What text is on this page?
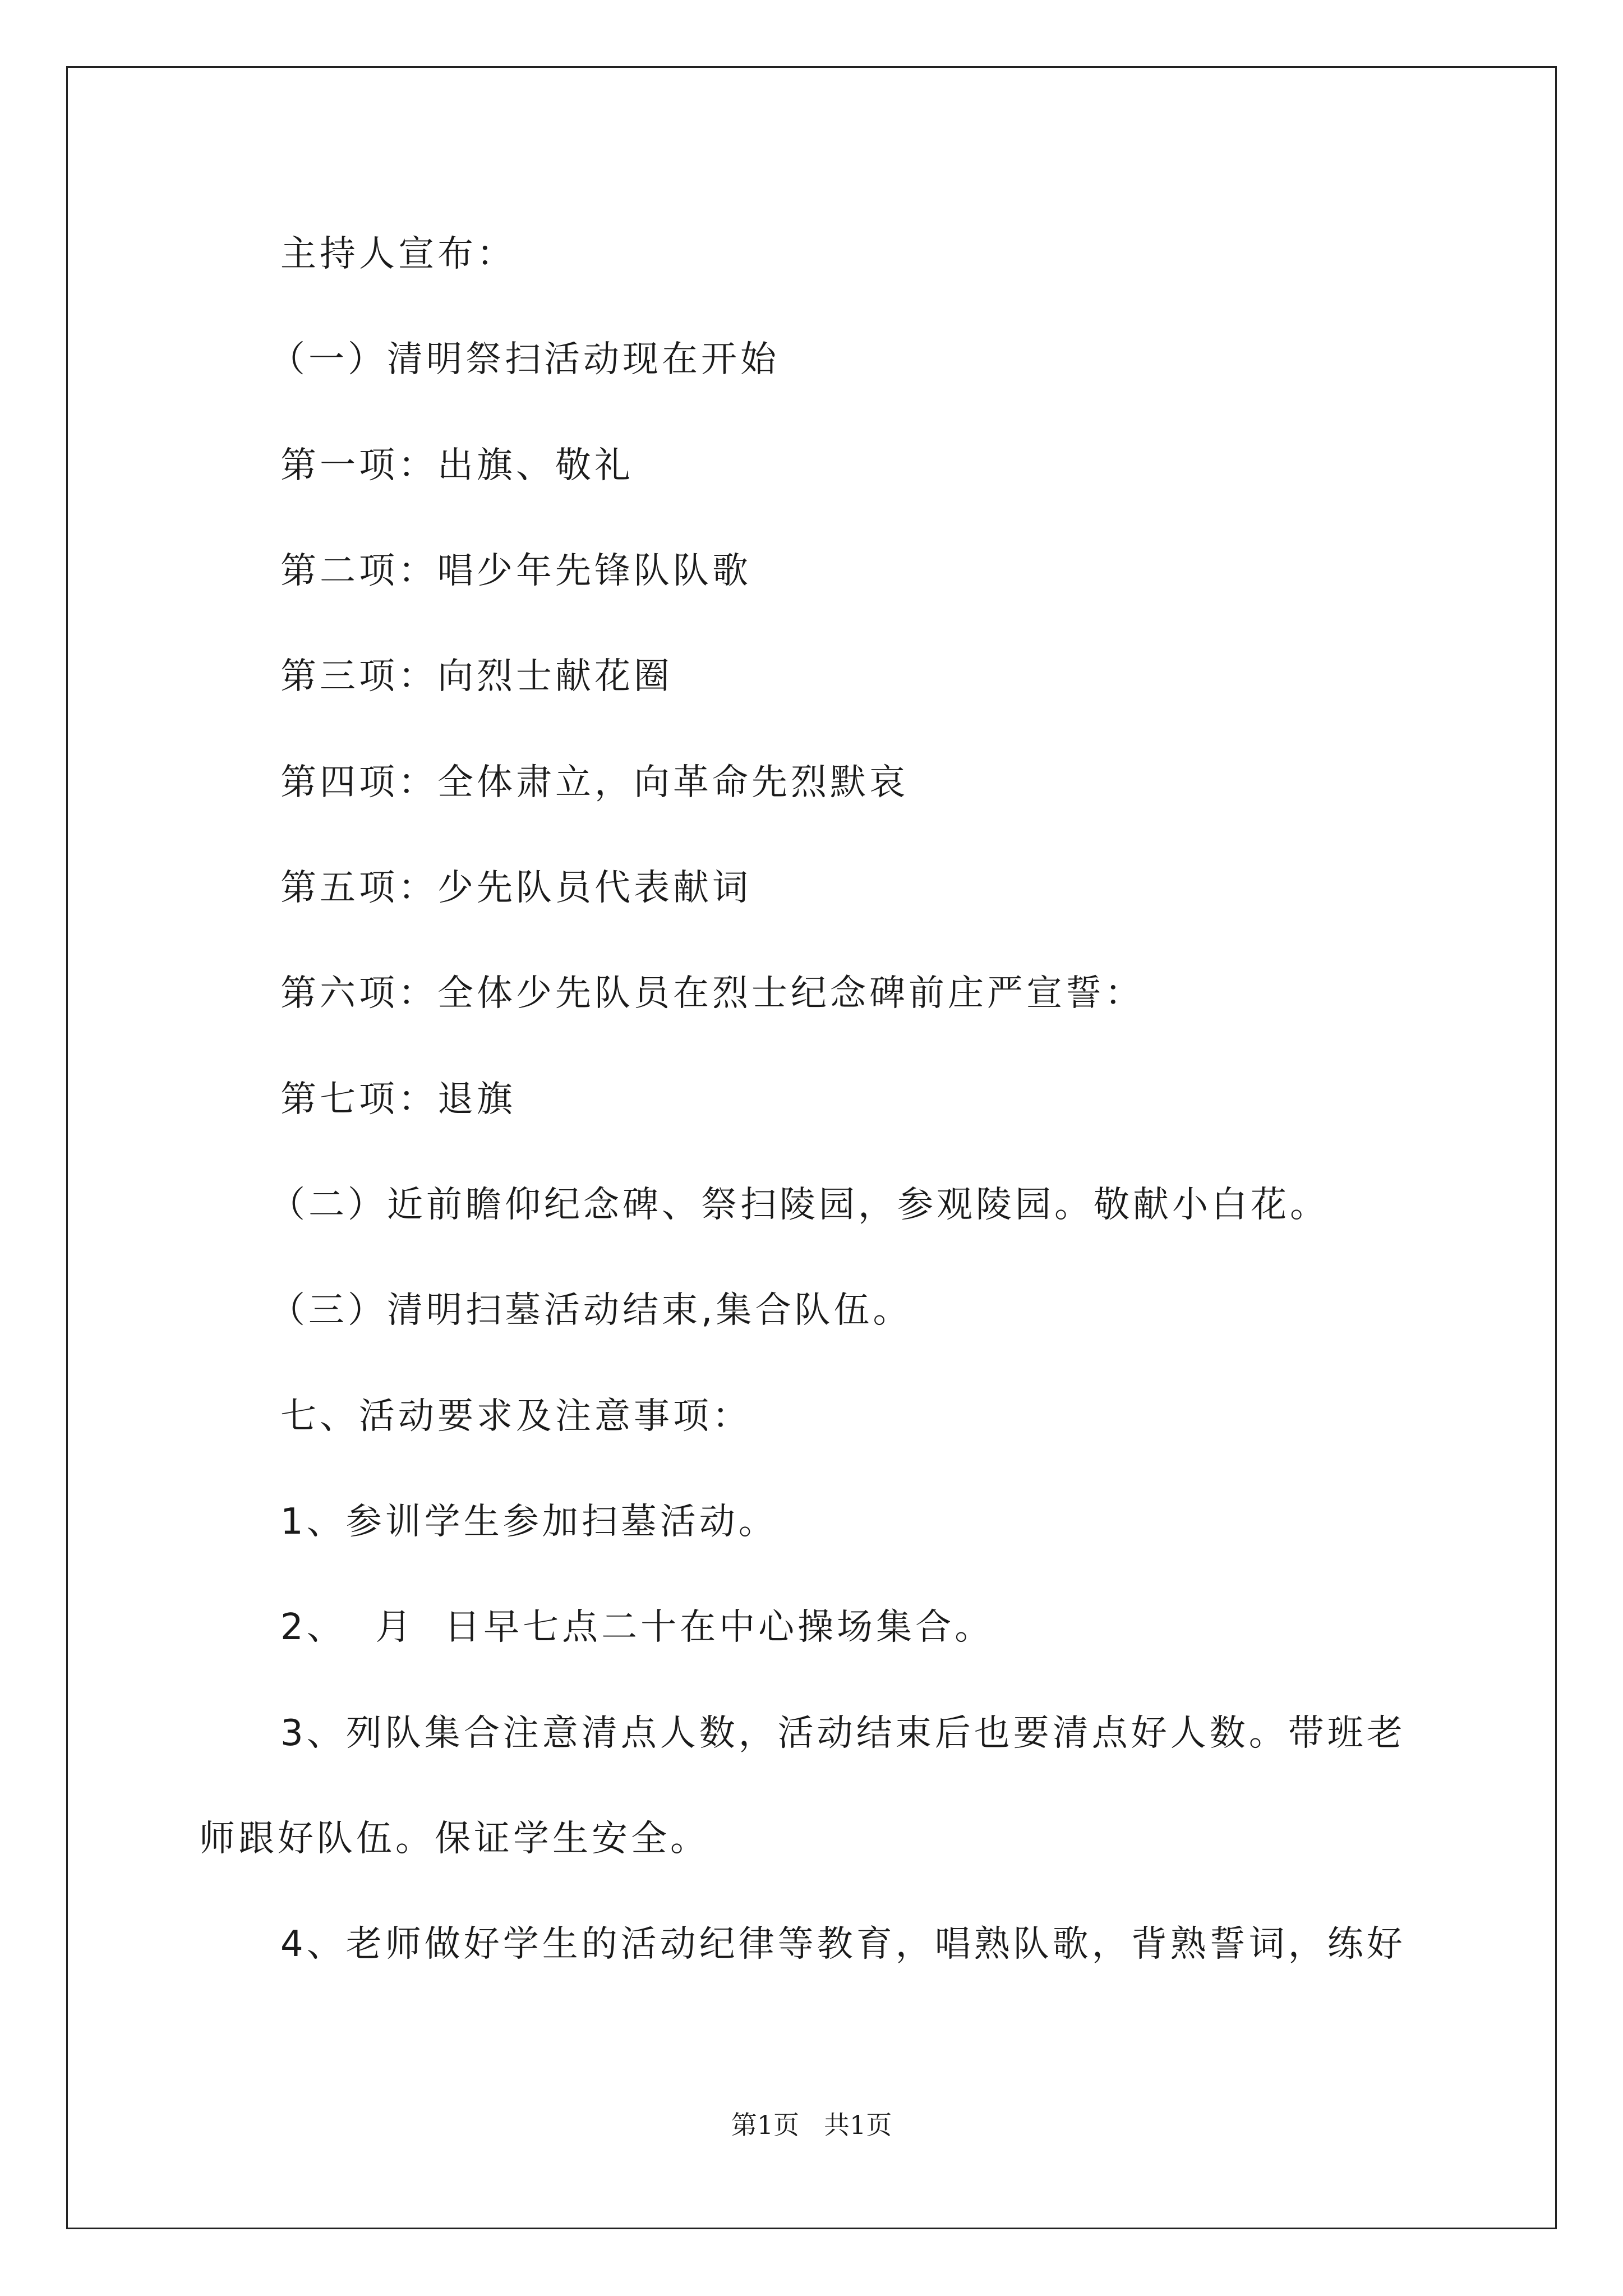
主持人宣布：
（一）清明祭扫活动现在开始
第一项：出旗、敬礼
第二项：唱少年先锋队队歌
第三项：向烈士献花圈
第四项：全体肃立，向革命先烈默哀
第五项：少先队员代表献词
第六项：全体少先队员在烈士纪念碑前庄严宣誓：
第七项：退旗
（二）近前瞻仰纪念碑、祭扫陵园，参观陵园。敬献小白花。
（三）清明扫墓活动结束,集合队伍。
七、活动要求及注意事项：
1、参训学生参加扫墓活动。
2、  月  日早七点二十在中心操场集合。
3、列队集合注意清点人数，活动结束后也要清点好人数。带班老
师跟好队伍。保证学生安全。
4、老师做好学生的活动纪律等教育，唱熟队歌，背熟誓词，练好
第1页 共1页
